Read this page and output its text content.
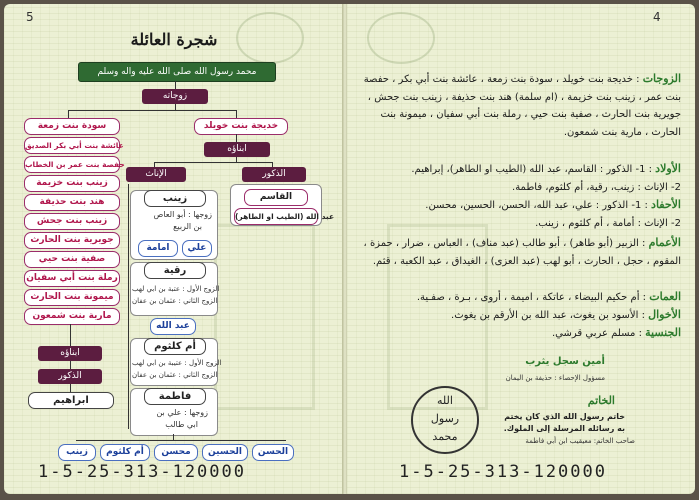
5
شجرة العائلة
محمد رسول الله صلى الله عليه واله وسلم
زوجاته
خديجة بنت خويلد
ابناؤه
الذكور
الإناث
القاسم
عبد الله (الطيب او الطاهر)
زينب
زوجها : أبو العاص
بن الربيع
علي
امامة
رقية
الزوج الأول : عتبة بن ابي لهب
الزوج الثاني : عثمان بن عفان
عبد الله
أم كلثوم
الزوج الأول : عتيبة بن ابي لهب
الزوج الثاني : عثمان بن عفان
فاطمة
زوجها : علي بن
ابي طالب
الحسن
الحسين
محسن
أم كلثوم
زينب
سودة بنت زمعة
عائشة بنت أبي بكر الصديق
حفصة بنت عمر بن الخطاب
زينب بنت خزيمة
هند بنت حذيفة
زينب بنت جحش
جويرية بنت الحارث
صفية بنت حيي
رملة بنت أبي سفيان
ميمونة بنت الحارث
مارية بنت شمعون
ابناؤه
الذكور
ابراهيم
1-5-25-313-120000
4
الزوجات : خديجة بنت خويلد ، سودة بنت زمعة ، عائشة بنت أبي بكر ، حفصة بنت عمر ، زينب بنت خزيمة ، (ام سلمة) هند بنت حذيفة ، زينب بنت جحش ، جويرية بنت الحارث ، صفية بنت حيي ، رملة بنت أبي سفيان ، ميمونة بنت الحارث ، مارية بنت شمعون.
الأولاد : 1- الذكور : القاسم، عبد الله (الطيب او الطاهر)، إبراهيم.
2- الإناث : زينب، رقية، أم كلثوم، فاطمة.
الأحفاد : 1- الذكور : علي، عبد الله، الحسن، الحسين، محسن.
2- الإناث : أمامة ، أم كلثوم ، زينب.
الأعمام : الزبير (أبو طاهر) ، أبو طالب (عبد مناف) ، العباس ، ضرار ، حمزة ، المقوم ، حجل ، الحارث ، أبو لهب (عبد العزى) ، الغيداق ، عبد الكعبة ، قثم.
العمات : أم حكيم البيضاء ، عاتكة ، اميمة ، أروى ، بـرة ، صفـية.
الأخوال : الأسود بن يغوث، عبد الله بن الأرقم بن يغوث.
الجنسية : مسلم عربي قرشي.
أمين سجل يثرب
مسؤول الإحصاء : حذيفة بن اليمان
الخاتم
خاتم رسول الله الذي كان يختم
به رسائله المرسلة إلى الملوك.
صاحب الخاتم: معيقيب ابن أبي فاطمة
الله
رسول
محمد
1-5-25-313-120000
